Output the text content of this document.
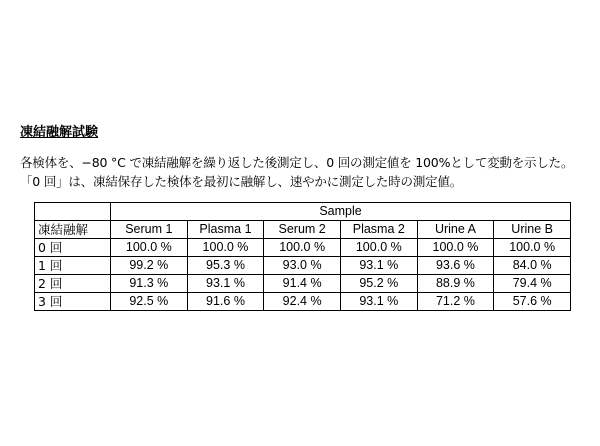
凍結融解試験
各検体を、−80 °C で凍結融解を繰り返した後測定し、0 回の測定値を 100%として変動を示した。
「0 回」は、凍結保存した検体を最初に融解し、速やかに測定した時の測定値。
	Sample					
凍結融解	Serum 1	Plasma 1	Serum 2	Plasma 2	Urine A	Urine B
0 回	100.0 %	100.0 %	100.0 %	100.0 %	100.0 %	100.0 %
1 回	99.2 %	95.3 %	93.0 %	93.1 %	93.6 %	84.0 %
2 回	91.3 %	93.1 %	91.4 %	95.2 %	88.9 %	79.4 %
3 回	92.5 %	91.6 %	92.4 %	93.1 %	71.2 %	57.6 %
